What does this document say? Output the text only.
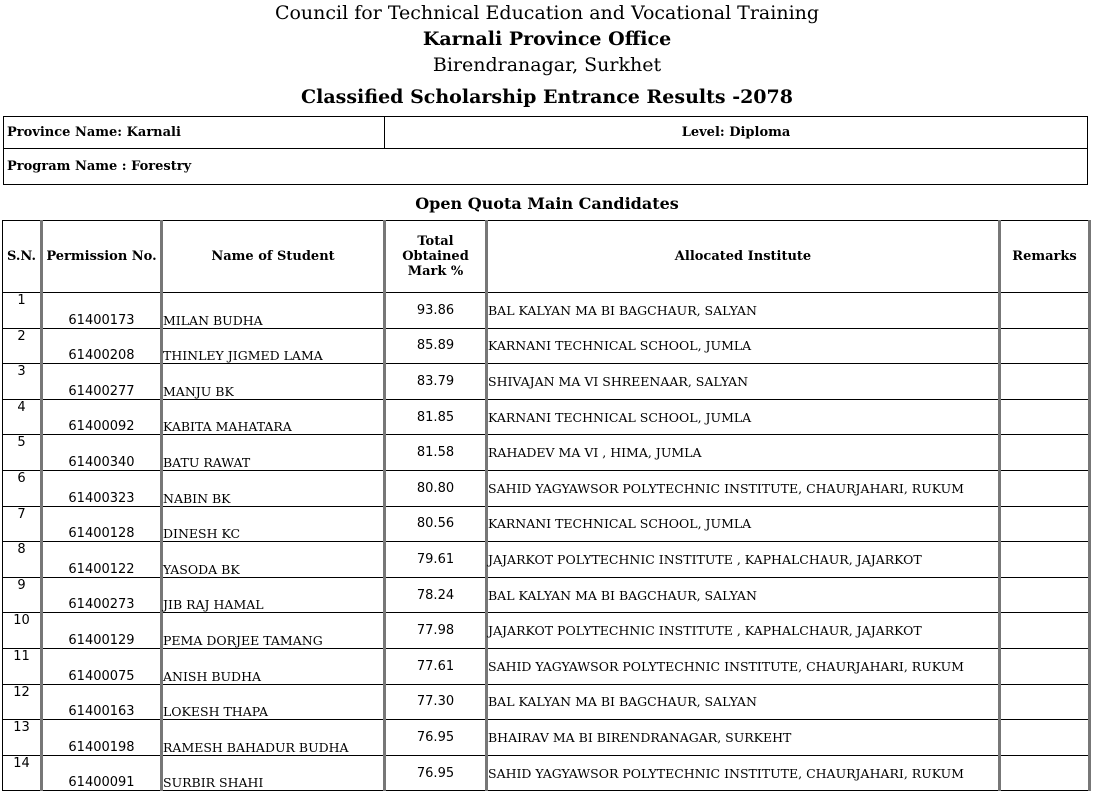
Council for Technical Education and Vocational Training
Karnali Province Office
Birendranagar, Surkhet
Classified Scholarship Entrance Results -2078
Province Name: Karnali	Level: Diploma
Program Name : Forestry
Open Quota Main Candidates
S.N.	Permission No.	Name of Student	Total Obtained Mark %	Allocated Institute	Remarks
1	61400173	MILAN BUDHA	93.86	BAL KALYAN MA BI BAGCHAUR, SALYAN	
2	61400208	THINLEY JIGMED LAMA	85.89	KARNANI TECHNICAL SCHOOL, JUMLA	
3	61400277	MANJU BK	83.79	SHIVAJAN MA VI SHREENAAR, SALYAN	
4	61400092	KABITA MAHATARA	81.85	KARNANI TECHNICAL SCHOOL, JUMLA	
5	61400340	BATU RAWAT	81.58	RAHADEV MA VI , HIMA, JUMLA	
6	61400323	NABIN BK	80.80	SAHID YAGYAWSOR POLYTECHNIC INSTITUTE, CHAURJAHARI, RUKUM	
7	61400128	DINESH KC	80.56	KARNANI TECHNICAL SCHOOL, JUMLA	
8	61400122	YASODA BK	79.61	JAJARKOT POLYTECHNIC INSTITUTE , KAPHALCHAUR, JAJARKOT	
9	61400273	JIB RAJ HAMAL	78.24	BAL KALYAN MA BI BAGCHAUR, SALYAN	
10	61400129	PEMA DORJEE TAMANG	77.98	JAJARKOT POLYTECHNIC INSTITUTE , KAPHALCHAUR, JAJARKOT	
11	61400075	ANISH BUDHA	77.61	SAHID YAGYAWSOR POLYTECHNIC INSTITUTE, CHAURJAHARI, RUKUM	
12	61400163	LOKESH THAPA	77.30	BAL KALYAN MA BI BAGCHAUR, SALYAN	
13	61400198	RAMESH BAHADUR BUDHA	76.95	BHAIRAV MA BI BIRENDRANAGAR, SURKEHT	
14	61400091	SURBIR SHAHI	76.95	SAHID YAGYAWSOR POLYTECHNIC INSTITUTE, CHAURJAHARI, RUKUM	
